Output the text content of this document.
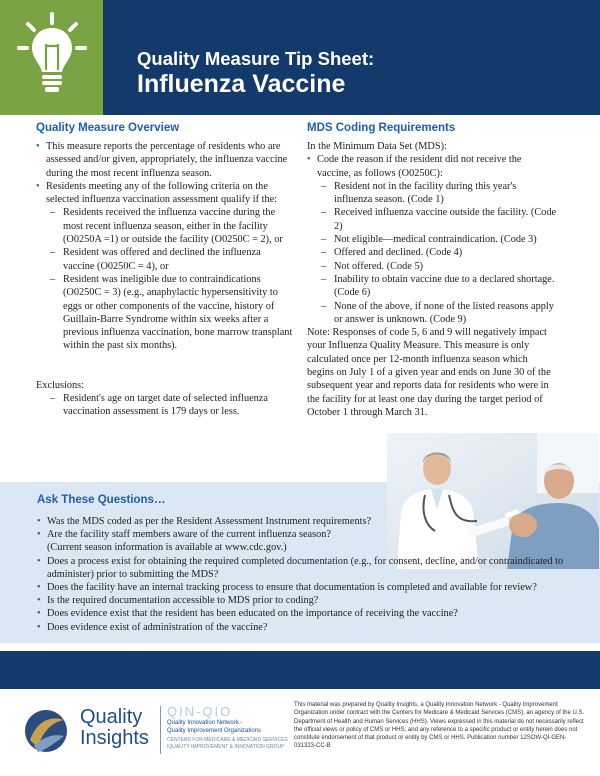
Quality Measure Tip Sheet:
Influenza Vaccine
Quality Measure Overview
• This measure reports the percentage of residents who are assessed and/or given, appropriately, the influenza vaccine during the most recent influenza season.
• Residents meeting any of the following criteria on the selected influenza vaccination assessment qualify if the:
– Residents received the influenza vaccine during the most recent influenza season, either in the facility (O0250A =1) or outside the facility (O0250C = 2), or
– Resident was offered and declined the influenza vaccine (O0250C = 4), or
– Resident was ineligible due to contraindications (O0250C = 3) (e.g., anaphylactic hypersensitivity to eggs or other components of the vaccine, history of Guillain-Barre Syndrome within six weeks after a previous influenza vaccination, bone marrow transplant within the past six months).
Exclusions:
– Resident's age on target date of selected influenza vaccination assessment is 179 days or less.
MDS Coding Requirements
In the Minimum Data Set (MDS):
• Code the reason if the resident did not receive the vaccine, as follows (O0250C):
– Resident not in the facility during this year's influenza season. (Code 1)
– Received influenza vaccine outside the facility. (Code 2)
– Not eligible—medical contraindication. (Code 3)
– Offered and declined. (Code 4)
– Not offered. (Code 5)
– Inability to obtain vaccine due to a declared shortage. (Code 6)
– None of the above, if none of the listed reasons apply or answer is unknown. (Code 9)
Note: Responses of code 5, 6 and 9 will negatively impact your Influenza Quality Measure. This measure is only calculated once per 12-month influenza season which begins on July 1 of a given year and ends on June 30 of the subsequent year and reports data for residents who were in the facility for at least one day during the target period of October 1 through March 31.
Ask These Questions…
• Was the MDS coded as per the Resident Assessment Instrument requirements?
• Are the facility staff members aware of the current influenza season?
(Current season information is available at www.cdc.gov.)
• Does a process exist for obtaining the required completed documentation (e.g., for consent, decline, and/or contraindicated to administer) prior to submitting the MDS?
• Does the facility have an internal tracking process to ensure that documentation is completed and available for review?
• Is the required documentation accessible to MDS prior to coding?
• Does evidence exist that the resident has been educated on the importance of receiving the vaccine?
• Does evidence exist of administration of the vaccine?
Quality
Insights
QIN-QIO
Quality Innovation Network -
Quality Improvement Organizations
CENTERS FOR MEDICARE & MEDICAID SERVICES
IQUALITY IMPROVEMENT & INNOVATION GROUP
This material was prepared by Quality Insights, a Quality Innovation Network - Quality Improvement Organization under contract with the Centers for Medicare & Medicaid Services (CMS), an agency of the U.S. Department of Health and Human Services (HHS). Views expressed in this material do not necessarily reflect the official views or policy of CMS or HHS, and any reference to a specific product or entity herein does not constitute endorsement of that product or entity by CMS or HHS. Publication number 12SOW-QI-GEN-031323-CC-B
